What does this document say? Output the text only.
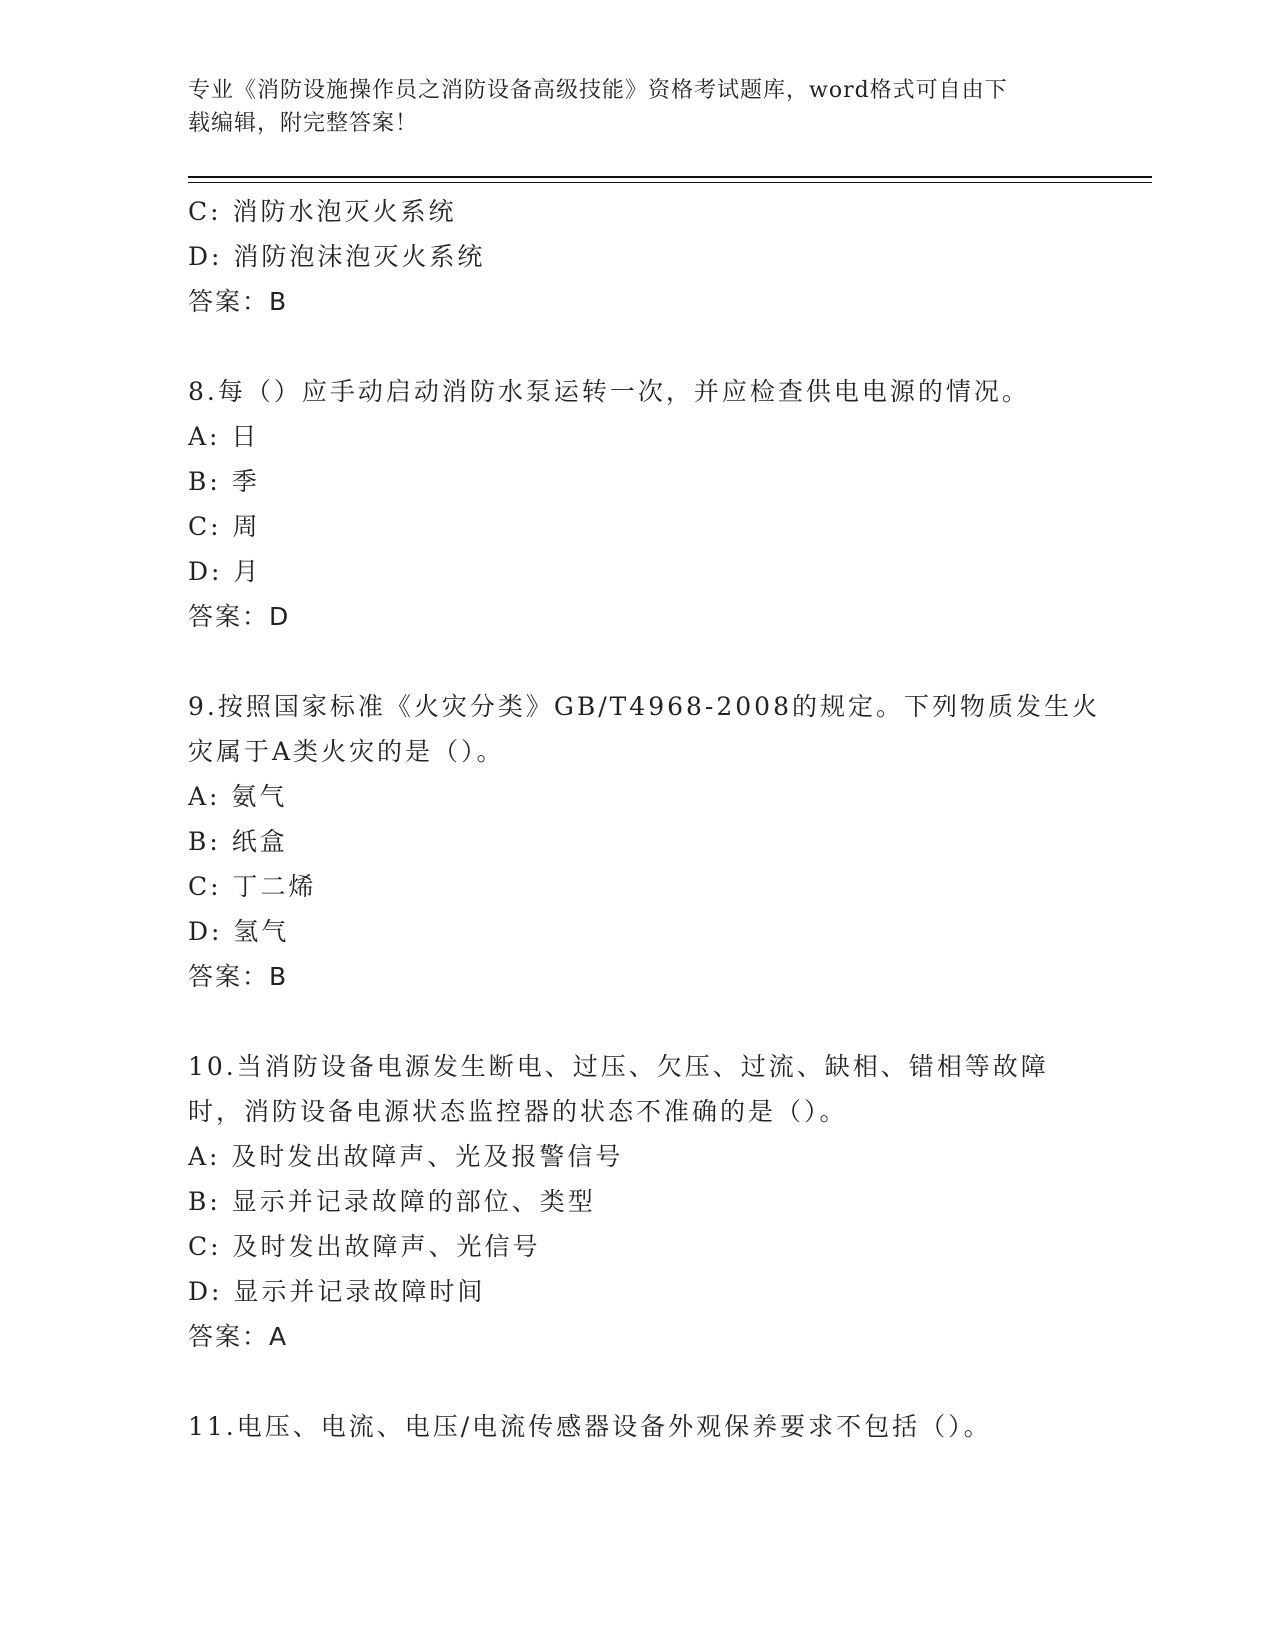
专业《消防设施操作员之消防设备高级技能》资格考试题库，word格式可自由下
载编辑，附完整答案！
C: 消防水泡灭火系统
D: 消防泡沫泡灭火系统
答案：B
8.每（）应手动启动消防水泵运转一次，并应检查供电电源的情况。
A: 日
B: 季
C: 周
D: 月
答案：D
9.按照国家标准《火灾分类》GB/T4968-2008的规定。下列物质发生火
灾属于A类火灾的是（）。
A: 氨气
B: 纸盒
C: 丁二烯
D: 氢气
答案：B
10.当消防设备电源发生断电、过压、欠压、过流、缺相、错相等故障
时，消防设备电源状态监控器的状态不准确的是（）。
A: 及时发出故障声、光及报警信号
B: 显示并记录故障的部位、类型
C: 及时发出故障声、光信号
D: 显示并记录故障时间
答案：A
11.电压、电流、电压/电流传感器设备外观保养要求不包括（）。
